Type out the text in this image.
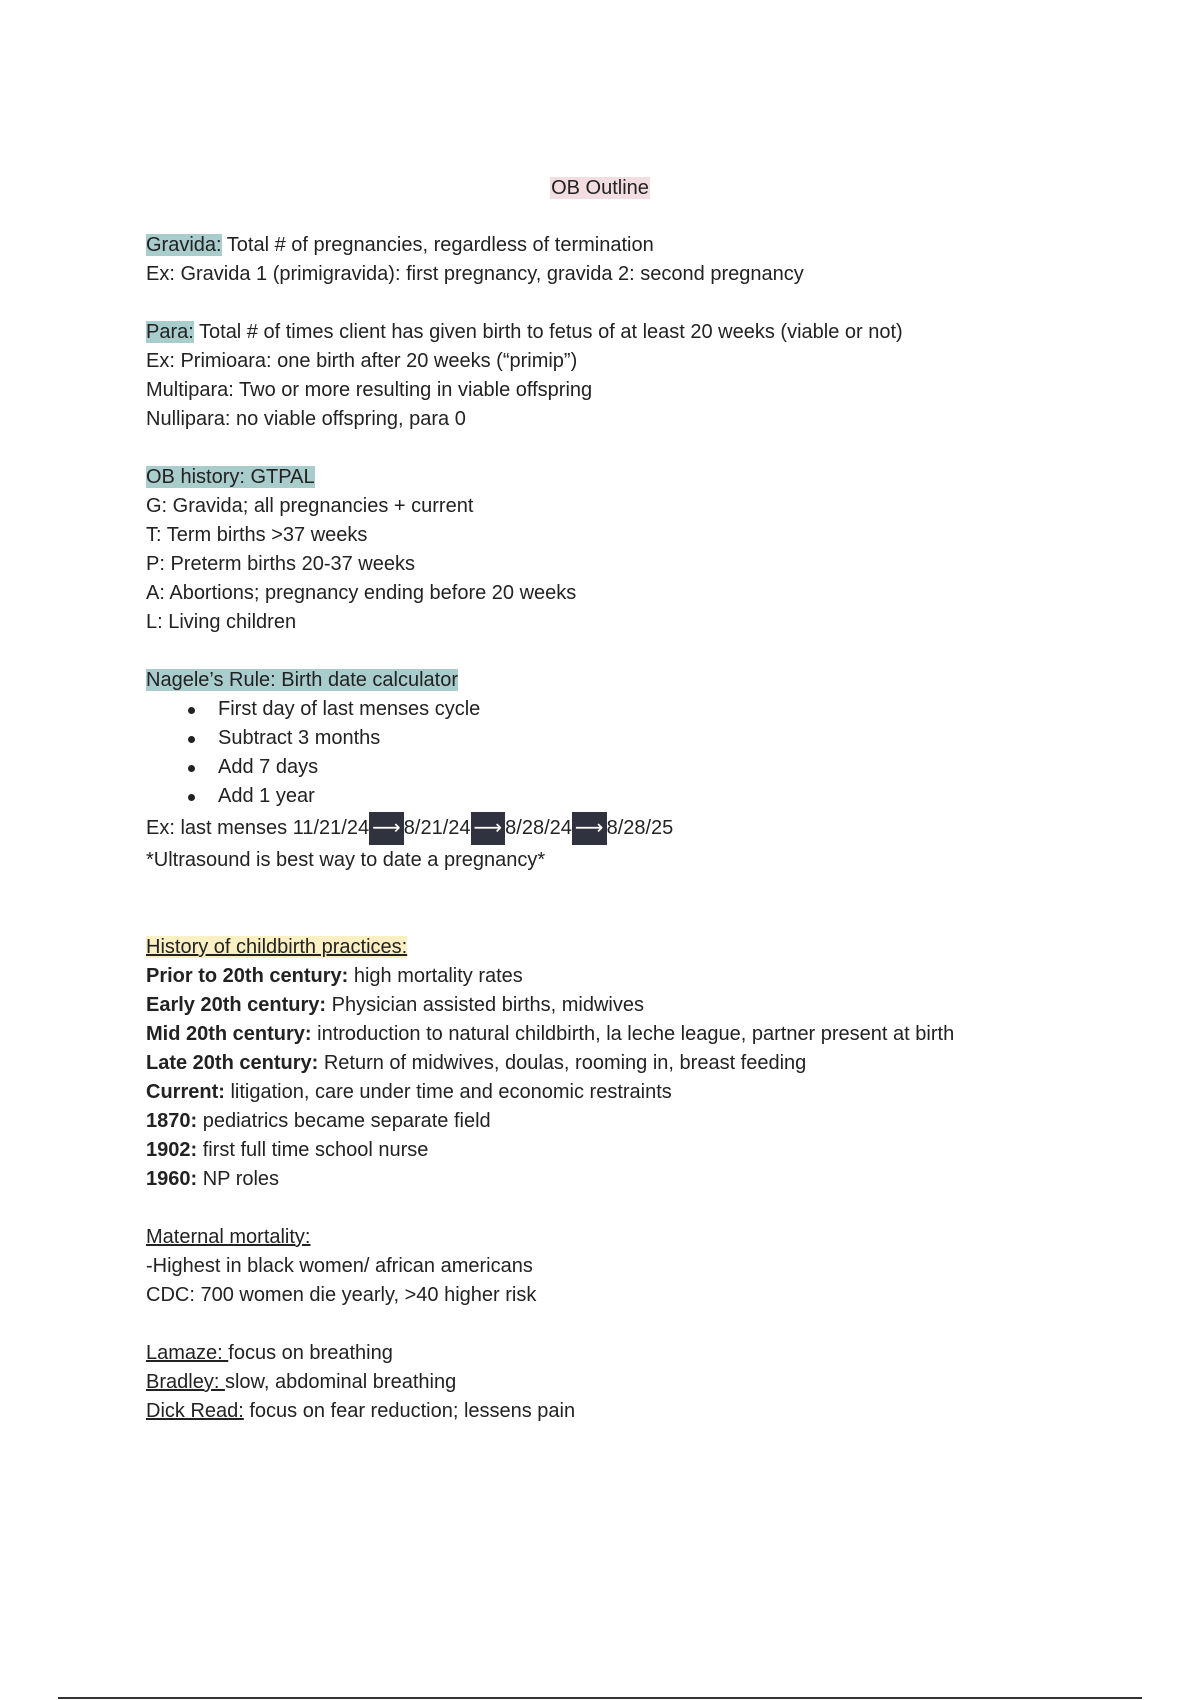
OB Outline

Gravida: Total # of pregnancies, regardless of termination

Ex: Gravida 1 (primigravida): first pregnancy, gravida 2: second pregnancy

Para: Total # of times client has given birth to fetus of at least 20 weeks (viable or not)

Ex: Primioara: one birth after 20 weeks (“primip”)

Multipara: Two or more resulting in viable offspring

Nullipara: no viable offspring, para 0

OB history: GTPAL

G: Gravida; all pregnancies + current

T: Term births >37 weeks

P: Preterm births 20-37 weeks

A: Abortions; pregnancy ending before 20 weeks

L: Living children

Nagele’s Rule: Birth date calculator

First day of last menses cycle
Subtract 3 months
Add 7 days
Add 1 year

Ex: last menses 11/21/24 ⟶ 8/21/24 ⟶ 8/28/24 ⟶ 8/28/25

*Ultrasound is best way to date a pregnancy*

History of childbirth practices:

Prior to 20th century: high mortality rates

Early 20th century: Physician assisted births, midwives

Mid 20th century: introduction to natural childbirth, la leche league, partner present at birth

Late 20th century: Return of midwives, doulas, rooming in, breast feeding

Current: litigation, care under time and economic restraints

1870: pediatrics became separate field

1902: first full time school nurse

1960: NP roles

Maternal mortality:

-Highest in black women/ african americans

CDC: 700 women die yearly, >40 higher risk

Lamaze: focus on breathing

Bradley: slow, abdominal breathing

Dick Read: focus on fear reduction; lessens pain
